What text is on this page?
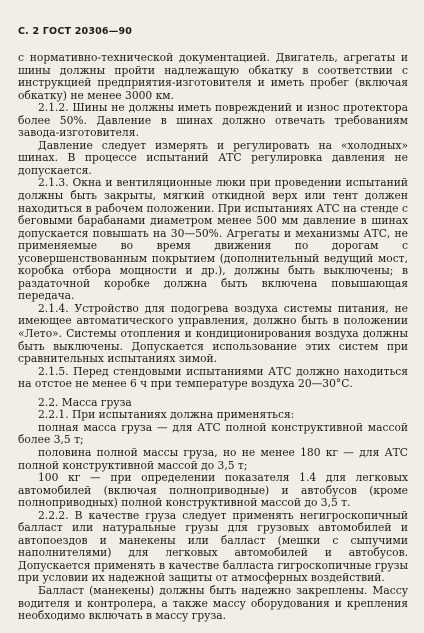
С. 2 ГОСТ 20306—90

с нормативно-технической документацией. Двигатель, агрегаты и шины должны пройти надлежащую обкатку в соответствии с инструкцией предприятия-изготовителя и иметь пробег (включая обкатку) не менее 3000 км.

2.1.2. Шины не должны иметь повреждений и износ протектора более 50%. Давление в шинах должно отвечать требованиям завода-изготовителя.

Давление следует измерять и регулировать на «холодных» шинах. В процессе испытаний АТС регулировка давления не допускается.

2.1.3. Окна и вентиляционные люки при проведении испытаний должны быть закрыты, мягкий откидной верх или тент должен находиться в рабочем положении. При испытаниях АТС на стенде с беговыми барабанами диаметром менее 500 мм давление в шинах допускается повышать на 30—50%. Агрегаты и механизмы АТС, не применяемые во время движения по дорогам с усовершенствованным покрытием (дополнительный ведущий мост, коробка отбора мощности и др.), должны быть выключены; в раздаточной коробке должна быть включена повышающая передача.

2.1.4. Устройство для подогрева воздуха системы питания, не имеющее автоматического управления, должно быть в положении «Лето». Системы отопления и кондиционирования воздуха должны быть выключены. Допускается использование этих систем при сравнительных испытаниях зимой.

2.1.5. Перед стендовыми испытаниями АТС должно находиться на отстое не менее 6 ч при температуре воздуха 20—30°С.

2.2. Масса груза

2.2.1. При испытаниях должна применяться:

полная масса груза — для АТС полной конструктивной массой более 3,5 т;

половина полной массы груза, но не менее 180 кг — для АТС полной конструктивной массой до 3,5 т;

100 кг — при определении показателя 1.4 для легковых автомобилей (включая полноприводные) и автобусов (кроме полноприводных) полной конструктивной массой до 3,5 т.

2.2.2. В качестве груза следует применять негигроскопичный балласт или натуральные грузы для грузовых автомобилей и автопоездов и манекены или балласт (мешки с сыпучими наполнителями) для легковых автомобилей и автобусов. Допускается применять в качестве балласта гигроскопичные грузы при условии их надежной защиты от атмосферных воздействий.

Балласт (манекены) должны быть надежно закреплены. Массу водителя и контролера, а также массу оборудования и крепления необходимо включать в массу груза.
